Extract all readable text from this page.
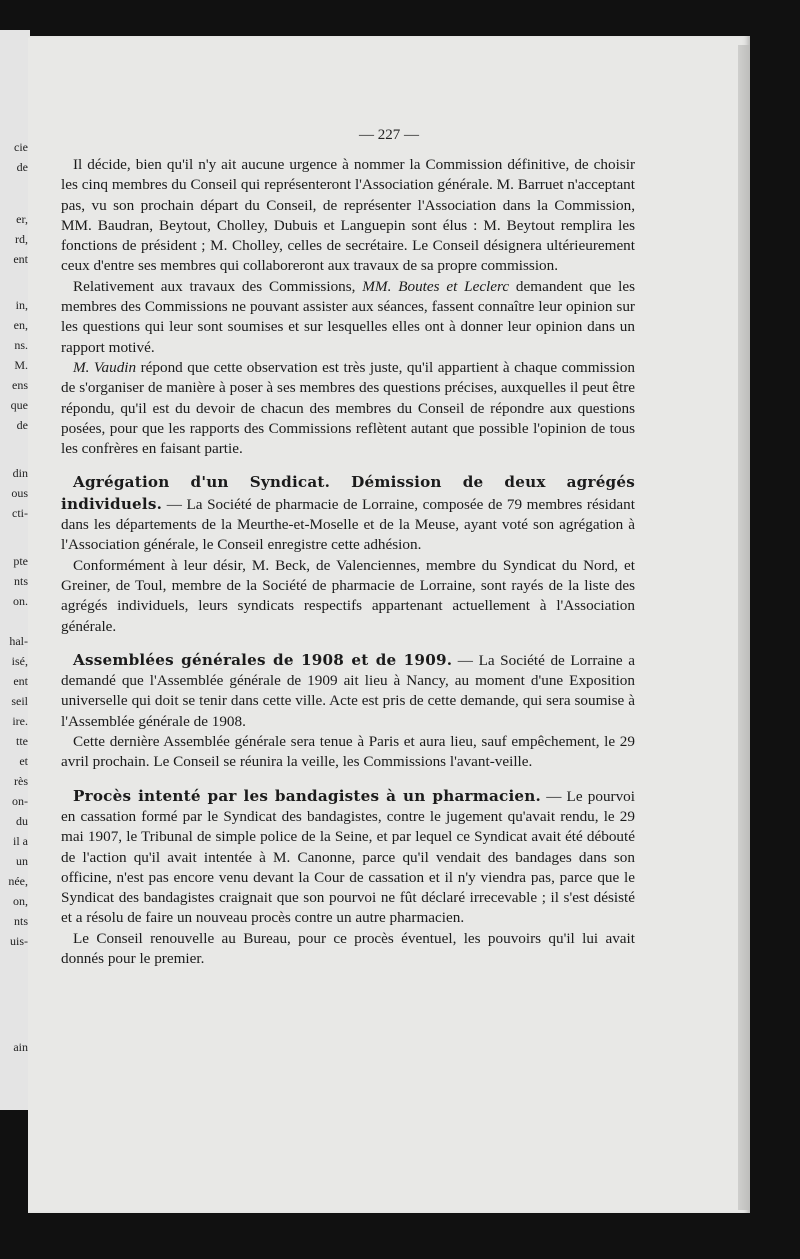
cie
de
er,
rd,
ent
in,
en,
ns.
M.
ens
que
de
din
ous
cti-
pte
nts
on.
hal-
isé,
ent
seil
ire.
tte
et
rès
on-
du
il a
un
née,
on,
nts
uis-
ain
— 227 —

Il décide, bien qu'il n'y ait aucune urgence à nommer la Commission définitive, de choisir les cinq membres du Conseil qui représenteront l'Association générale. M. Barruet n'acceptant pas, vu son prochain départ du Conseil, de représenter l'Association dans la Commission, MM. Baudran, Beytout, Cholley, Dubuis et Languepin sont élus : M. Beytout remplira les fonctions de président ; M. Cholley, celles de secrétaire. Le Conseil désignera ultérieurement ceux d'entre ses membres qui collaboreront aux travaux de sa propre commission.

Relativement aux travaux des Commissions, MM. Boutes et Leclerc demandent que les membres des Commissions ne pouvant assister aux séances, fassent connaître leur opinion sur les questions qui leur sont soumises et sur lesquelles elles ont à donner leur opinion dans un rapport motivé.

M. Vaudin répond que cette observation est très juste, qu'il appartient à chaque commission de s'organiser de manière à poser à ses membres des questions précises, auxquelles il peut être répondu, qu'il est du devoir de chacun des membres du Conseil de répondre aux questions posées, pour que les rapports des Commissions reflètent autant que possible l'opinion de tous les confrères en faisant partie.

Agrégation d'un Syndicat. Démission de deux agrégés individuels. — La Société de pharmacie de Lorraine, composée de 79 membres résidant dans les départements de la Meurthe-et-Moselle et de la Meuse, ayant voté son agrégation à l'Association générale, le Conseil enregistre cette adhésion.

Conformément à leur désir, M. Beck, de Valenciennes, membre du Syndicat du Nord, et Greiner, de Toul, membre de la Société de pharmacie de Lorraine, sont rayés de la liste des agrégés individuels, leurs syndicats respectifs appartenant actuellement à l'Association générale.

Assemblées générales de 1908 et de 1909. — La Société de Lorraine a demandé que l'Assemblée générale de 1909 ait lieu à Nancy, au moment d'une Exposition universelle qui doit se tenir dans cette ville. Acte est pris de cette demande, qui sera soumise à l'Assemblée générale de 1908.

Cette dernière Assemblée générale sera tenue à Paris et aura lieu, sauf empêchement, le 29 avril prochain. Le Conseil se réunira la veille, les Commissions l'avant-veille.

Procès intenté par les bandagistes à un pharmacien. — Le pourvoi en cassation formé par le Syndicat des bandagistes, contre le jugement qu'avait rendu, le 29 mai 1907, le Tribunal de simple police de la Seine, et par lequel ce Syndicat avait été débouté de l'action qu'il avait intentée à M. Canonne, parce qu'il vendait des bandages dans son officine, n'est pas encore venu devant la Cour de cassation et il n'y viendra pas, parce que le Syndicat des bandagistes craignait que son pourvoi ne fût déclaré irrecevable ; il s'est désisté et a résolu de faire un nouveau procès contre un autre pharmacien.

Le Conseil renouvelle au Bureau, pour ce procès éventuel, les pouvoirs qu'il lui avait donnés pour le premier.
